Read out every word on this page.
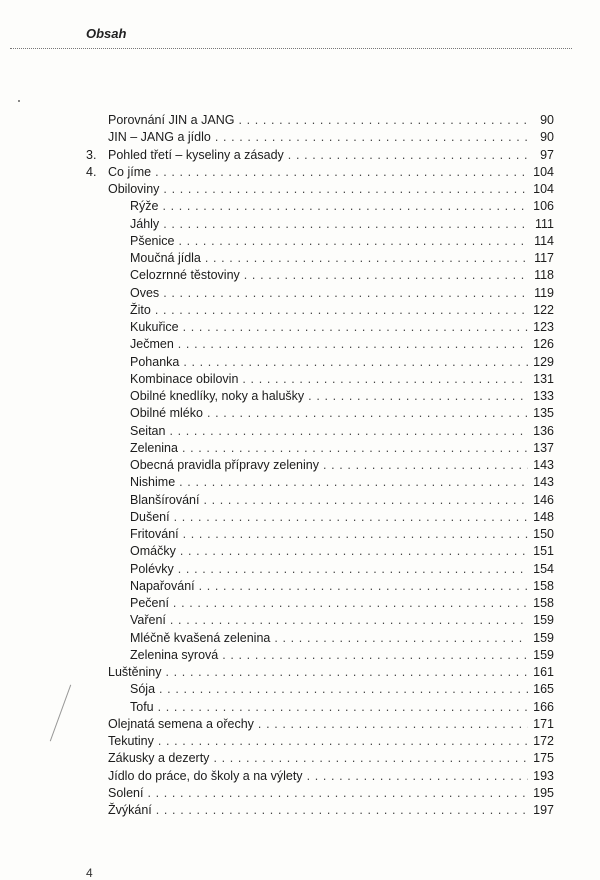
Obsah
Porovnání JIN a JANG . . .	90
JIN – JANG a jídlo . . .	90
3. Pohled třetí – kyseliny a zásady . . .	97
4. Co jíme . . .	104
Obiloviny . . .	104
Rýže . . .	106
Jáhly . . .	111
Pšenice . . .	114
Moučná jídla . . .	117
Celozrnné těstoviny . . .	118
Oves . . .	119
Žito . . .	122
Kukuřice . . .	123
Ječmen . . .	126
Pohanka . . .	129
Kombinace obilovin . . .	131
Obilné knedlíky, noky a halušky . . .	133
Obilné mléko . . .	135
Seitan . . .	136
Zelenina . . .	137
Obecná pravidla přípravy zeleniny . . .	143
Nishime . . .	143
Blanšírování . . .	146
Dušení . . .	148
Fritování . . .	150
Omáčky . . .	151
Polévky . . .	154
Napařování . . .	158
Pečení . . .	158
Vaření . . .	159
Mléčně kvašená zelenina . . .	159
Zelenina syrová . . .	159
Luštěniny . . .	161
Sója . . .	165
Tofu . . .	166
Olejnatá semena a ořechy . . .	171
Tekutiny . . .	172
Zákusky a dezerty . . .	175
Jídlo do práce, do školy a na výlety . . .	193
Solení . . .	195
Žvýkání . . .	197
4
